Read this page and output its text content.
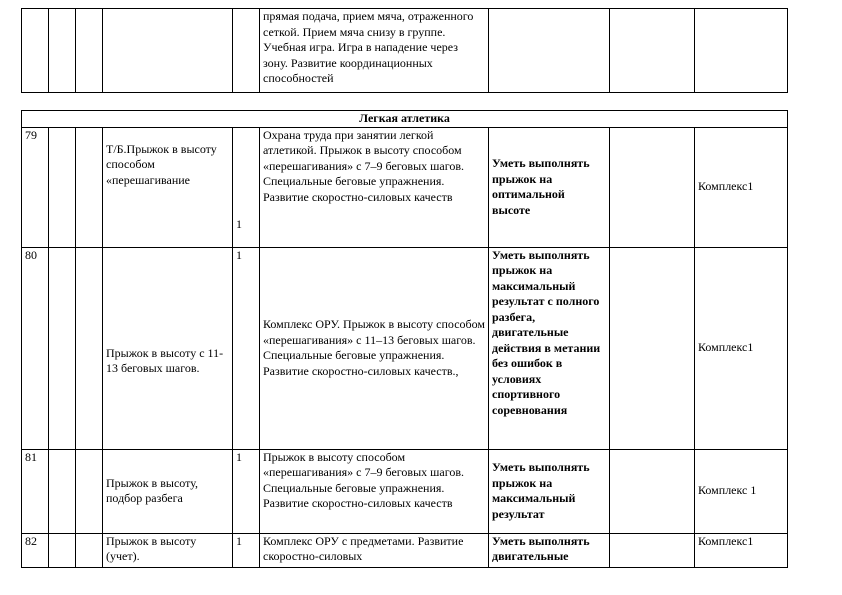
					прямая подача, прием мяча, отраженного сеткой. Прием мяча снизу в группе. Учебная игра. Игра в нападение через зону. Развитие координационных способностей			
Легкая атлетика								
79			Т/Б.Прыжок в высоту способом «перешагивание	1	Охрана труда при занятии легкой атлетикой. Прыжок в высоту способом «перешагивания» с 7–9 беговых шагов. Специальные беговые упражнения. Развитие скоростно-силовых качеств	Уметь выполнять прыжок на оптимальной высоте		Комплекс1
80			Прыжок в высоту с 11-13 беговых шагов.	1	Комплекс ОРУ. Прыжок в высоту способом «перешагивания» с 11–13 беговых шагов. Специальные беговые упражнения. Развитие скоростно-силовых качеств.,	Уметь выполнять прыжок на максимальный результат с полного разбега, двигательные действия в метании без ошибок в условиях спортивного соревнования		Комплекс1
81			Прыжок в высоту, подбор разбега	1	Прыжок в высоту способом «перешагивания» с 7–9 беговых шагов. Специальные беговые упражнения. Развитие скоростно-силовых качеств	Уметь выполнять прыжок на максимальный результат		Комплекс 1
82			Прыжок в высоту (учет).	1	Комплекс ОРУ с предметами. Развитие скоростно-силовых	Уметь выполнять двигательные		Комплекс1
